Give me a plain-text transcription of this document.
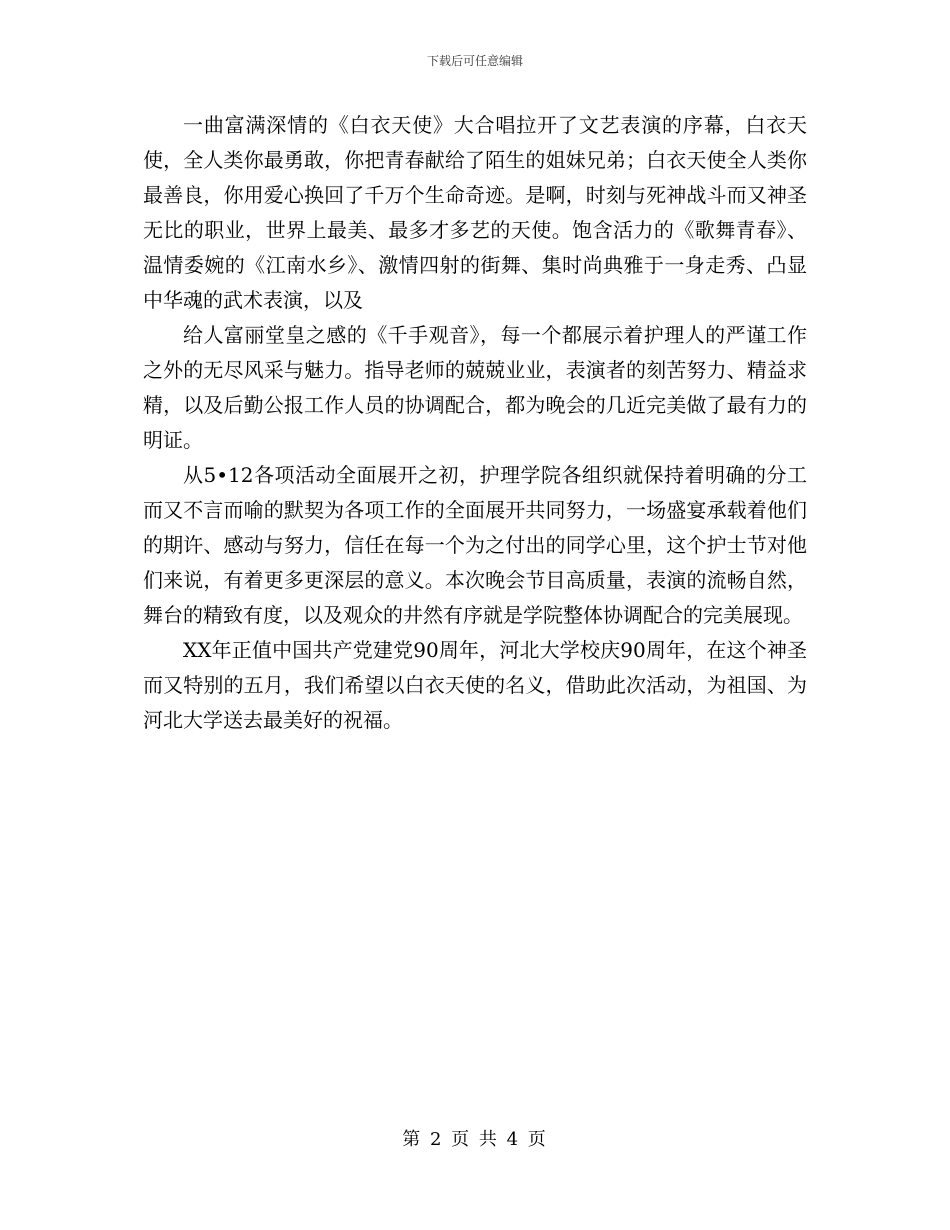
下载后可任意编辑

一曲富满深情的《白衣天使》大合唱拉开了文艺表演的序幕，白衣天使，全人类你最勇敢，你把青春献给了陌生的姐妹兄弟；白衣天使全人类你最善良，你用爱心换回了千万个生命奇迹。是啊，时刻与死神战斗而又神圣无比的职业，世界上最美、最多才多艺的天使。饱含活力的《歌舞青春》、温情委婉的《江南水乡》、激情四射的街舞、集时尚典雅于一身走秀、凸显中华魂的武术表演，以及

给人富丽堂皇之感的《千手观音》，每一个都展示着护理人的严谨工作之外的无尽风采与魅力。指导老师的兢兢业业，表演者的刻苦努力、精益求精，以及后勤公报工作人员的协调配合，都为晚会的几近完美做了最有力的明证。

从5•12各项活动全面展开之初，护理学院各组织就保持着明确的分工而又不言而喻的默契为各项工作的全面展开共同努力，一场盛宴承载着他们的期许、感动与努力，信任在每一个为之付出的同学心里，这个护士节对他们来说，有着更多更深层的意义。本次晚会节目高质量，表演的流畅自然，舞台的精致有度，以及观众的井然有序就是学院整体协调配合的完美展现。

XX年正值中国共产党建党90周年，河北大学校庆90周年，在这个神圣而又特别的五月，我们希望以白衣天使的名义，借助此次活动，为祖国、为河北大学送去最美好的祝福。

第 2 页 共 4 页
